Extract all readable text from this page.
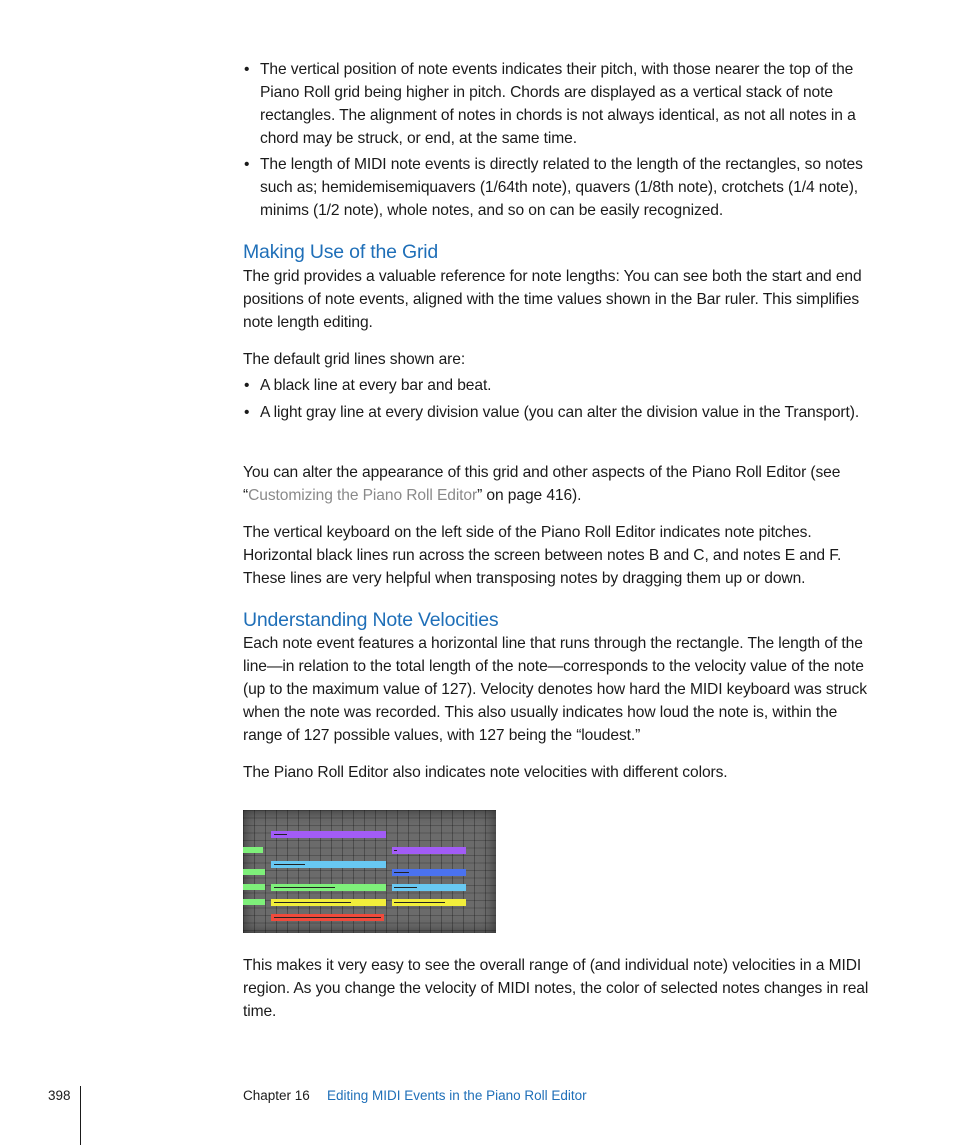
• The vertical position of note events indicates their pitch, with those nearer the top of the Piano Roll grid being higher in pitch. Chords are displayed as a vertical stack of note rectangles. The alignment of notes in chords is not always identical, as not all notes in a chord may be struck, or end, at the same time.

• The length of MIDI note events is directly related to the length of the rectangles, so notes such as; hemidemisemiquavers (1/64th note), quavers (1/8th note), crotchets (1/4 note), minims (1/2 note), whole notes, and so on can be easily recognized.

Making Use of the Grid

The grid provides a valuable reference for note lengths: You can see both the start and end positions of note events, aligned with the time values shown in the Bar ruler. This simplifies note length editing.

The default grid lines shown are:

• A black line at every bar and beat.

• A light gray line at every division value (you can alter the division value in the Transport).

You can alter the appearance of this grid and other aspects of the Piano Roll Editor (see “Customizing the Piano Roll Editor” on page 416).

The vertical keyboard on the left side of the Piano Roll Editor indicates note pitches. Horizontal black lines run across the screen between notes B and C, and notes E and F. These lines are very helpful when transposing notes by dragging them up or down.

Understanding Note Velocities

Each note event features a horizontal line that runs through the rectangle. The length of the line—in relation to the total length of the note—corresponds to the velocity value of the note (up to the maximum value of 127). Velocity denotes how hard the MIDI keyboard was struck when the note was recorded. This also usually indicates how loud the note is, within the range of 127 possible values, with 127 being the “loudest.”

The Piano Roll Editor also indicates note velocities with different colors.

This makes it very easy to see the overall range of (and individual note) velocities in a MIDI region. As you change the velocity of MIDI notes, the color of selected notes changes in real time.

398	Chapter 16 Editing MIDI Events in the Piano Roll Editor
